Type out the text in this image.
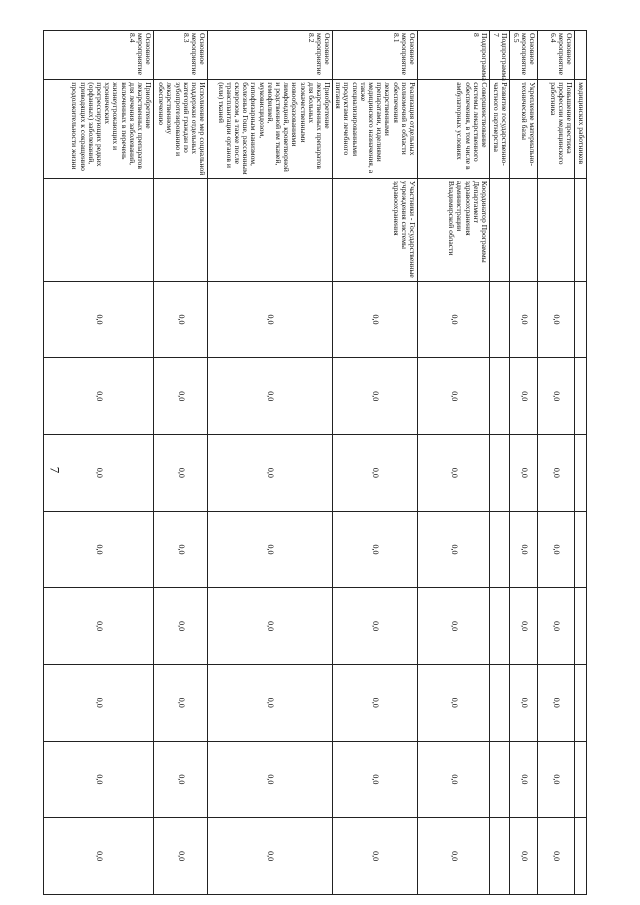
7
	медицинских работников									
Основное мероприятие 6.4	Повышение престижа профессии медицинского работника		0,0	0,0	0,0	0,0	0,0	0,0	0,0	0,0
Основное мероприятие 6.5	Укрепление материально-технической базы		0,0	0,0	0,0	0,0	0,0	0,0	0,0	0,0
Подпрограмма 7	Развитие государственно-частного партнерства									
Подпрограмма 8	Совершенствование системы лекарственного обеспечения, в том числе в амбулаторных условиях	Координатор Программы Департамент здравоохранения администрации Владимирской области	0,0	0,0	0,0	0,0	0,0	0,0	0,0	0,0
Основное мероприятие 8.1	Реализация отдельных полномочий в области обеспечения лекарственными препаратами, изделиями медицинского назначения, а также специализированными продуктами лечебного питания	Участники - Государственные учреждения системы здравоохранения	0,0	0,0	0,0	0,0	0,0	0,0	0,0	0,0
Основное мероприятие 8.2	Приобретение лекарственных препаратов для больных злокачественными новообразованиями лимфоидной, кроветворной и родственной им тканей, гемофилией, муковисцидозом, гипофизарным нанизмом, болезнью Гоше, рассеянным склерозом, а также после трансплантации органов и (или) тканей		0,0	0,0	0,0	0,0	0,0	0,0	0,0	0,0
Основное мероприятие 8.3	Исполнение мер социальной поддержки отдельных категорий граждан по зубопротезированию и лекарственному обеспечению		0,0	0,0	0,0	0,0	0,0	0,0	0,0	0,0
Основное мероприятие 8.4	Приобретение лекарственных препаратов для лечения заболеваний, включенных в перечень жизнеугрожающих и хронических прогрессирующих редких (орфанных) заболеваний, приводящих к сокращению продолжительности жизни		0,0	0,0	0,0	0,0	0,0	0,0	0,0	0,0
